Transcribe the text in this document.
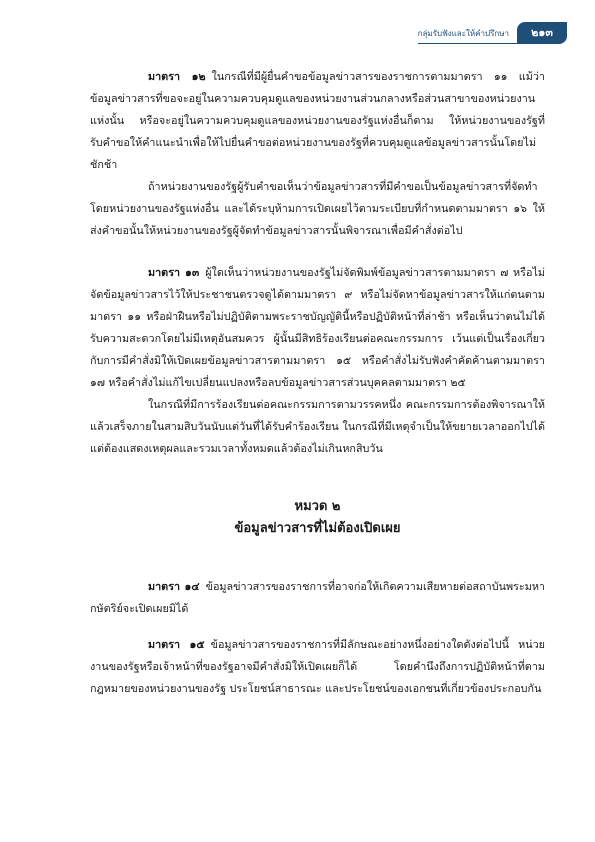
กลุ่มรับฟังและให้คำปรึกษา	๒๑๓

มาตรา ๑๒ ในกรณีที่มีผู้ยื่นคำขอข้อมูลข่าวสารของราชการตามมาตรา ๑๑ แม้ว่าข้อมูลข่าวสารที่ขอจะอยู่ในความควบคุมดูแลของหน่วยงานส่วนกลางหรือส่วนสาขาของหน่วยงานแห่งนั้น หรือจะอยู่ในความควบคุมดูแลของหน่วยงานของรัฐแห่งอื่นก็ตาม ให้หน่วยงานของรัฐที่รับคำขอให้คำแนะนำเพื่อให้ไปยื่นคำขอต่อหน่วยงานของรัฐที่ควบคุมดูแลข้อมูลข่าวสารนั้นโดยไม่ชักช้า

ถ้าหน่วยงานของรัฐผู้รับคำขอเห็นว่าข้อมูลข่าวสารที่มีคำขอเป็นข้อมูลข่าวสารที่จัดทำโดยหน่วยงานของรัฐแห่งอื่น และได้ระบุห้ามการเปิดเผยไว้ตามระเบียบที่กำหนดตามมาตรา ๑๖ ให้ส่งคำขอนั้นให้หน่วยงานของรัฐผู้จัดทำข้อมูลข่าวสารนั้นพิจารณาเพื่อมีคำสั่งต่อไป

มาตรา ๑๓ ผู้ใดเห็นว่าหน่วยงานของรัฐไม่จัดพิมพ์ข้อมูลข่าวสารตามมาตรา ๗ หรือไม่จัดข้อมูลข่าวสารไว้ให้ประชาชนตรวจดูได้ตามมาตรา ๙ หรือไม่จัดหาข้อมูลข่าวสารให้แก่ตนตามมาตรา ๑๑ หรือฝ่าฝืนหรือไม่ปฏิบัติตามพระราชบัญญัตินี้หรือปฏิบัติหน้าที่ล่าช้า หรือเห็นว่าตนไม่ได้รับความสะดวกโดยไม่มีเหตุอันสมควร ผู้นั้นมีสิทธิร้องเรียนต่อคณะกรรมการ เว้นแต่เป็นเรื่องเกี่ยวกับการมีคำสั่งมิให้เปิดเผยข้อมูลข่าวสารตามมาตรา ๑๕ หรือคำสั่งไม่รับฟังคำคัดค้านตามมาตรา ๑๗ หรือคำสั่งไม่แก้ไขเปลี่ยนแปลงหรือลบข้อมูลข่าวสารส่วนบุคคลตามมาตรา ๒๕

ในกรณีที่มีการร้องเรียนต่อคณะกรรมการตามวรรคหนึ่ง คณะกรรมการต้องพิจารณาให้แล้วเสร็จภายในสามสิบวันนับแต่วันที่ได้รับคำร้องเรียน ในกรณีที่มีเหตุจำเป็นให้ขยายเวลาออกไปได้ แต่ต้องแสดงเหตุผลและรวมเวลาทั้งหมดแล้วต้องไม่เกินหกสิบวัน

หมวด ๒
ข้อมูลข่าวสารที่ไม่ต้องเปิดเผย

มาตรา ๑๔ ข้อมูลข่าวสารของราชการที่อาจก่อให้เกิดความเสียหายต่อสถาบันพระมหากษัตริย์จะเปิดเผยมิได้

มาตรา ๑๕ ข้อมูลข่าวสารของราชการที่มีลักษณะอย่างหนึ่งอย่างใดดังต่อไปนี้ หน่วยงานของรัฐหรือเจ้าหน้าที่ของรัฐอาจมีคำสั่งมิให้เปิดเผยก็ได้ โดยคำนึงถึงการปฏิบัติหน้าที่ตามกฎหมายของหน่วยงานของรัฐ ประโยชน์สาธารณะ และประโยชน์ของเอกชนที่เกี่ยวข้องประกอบกัน
